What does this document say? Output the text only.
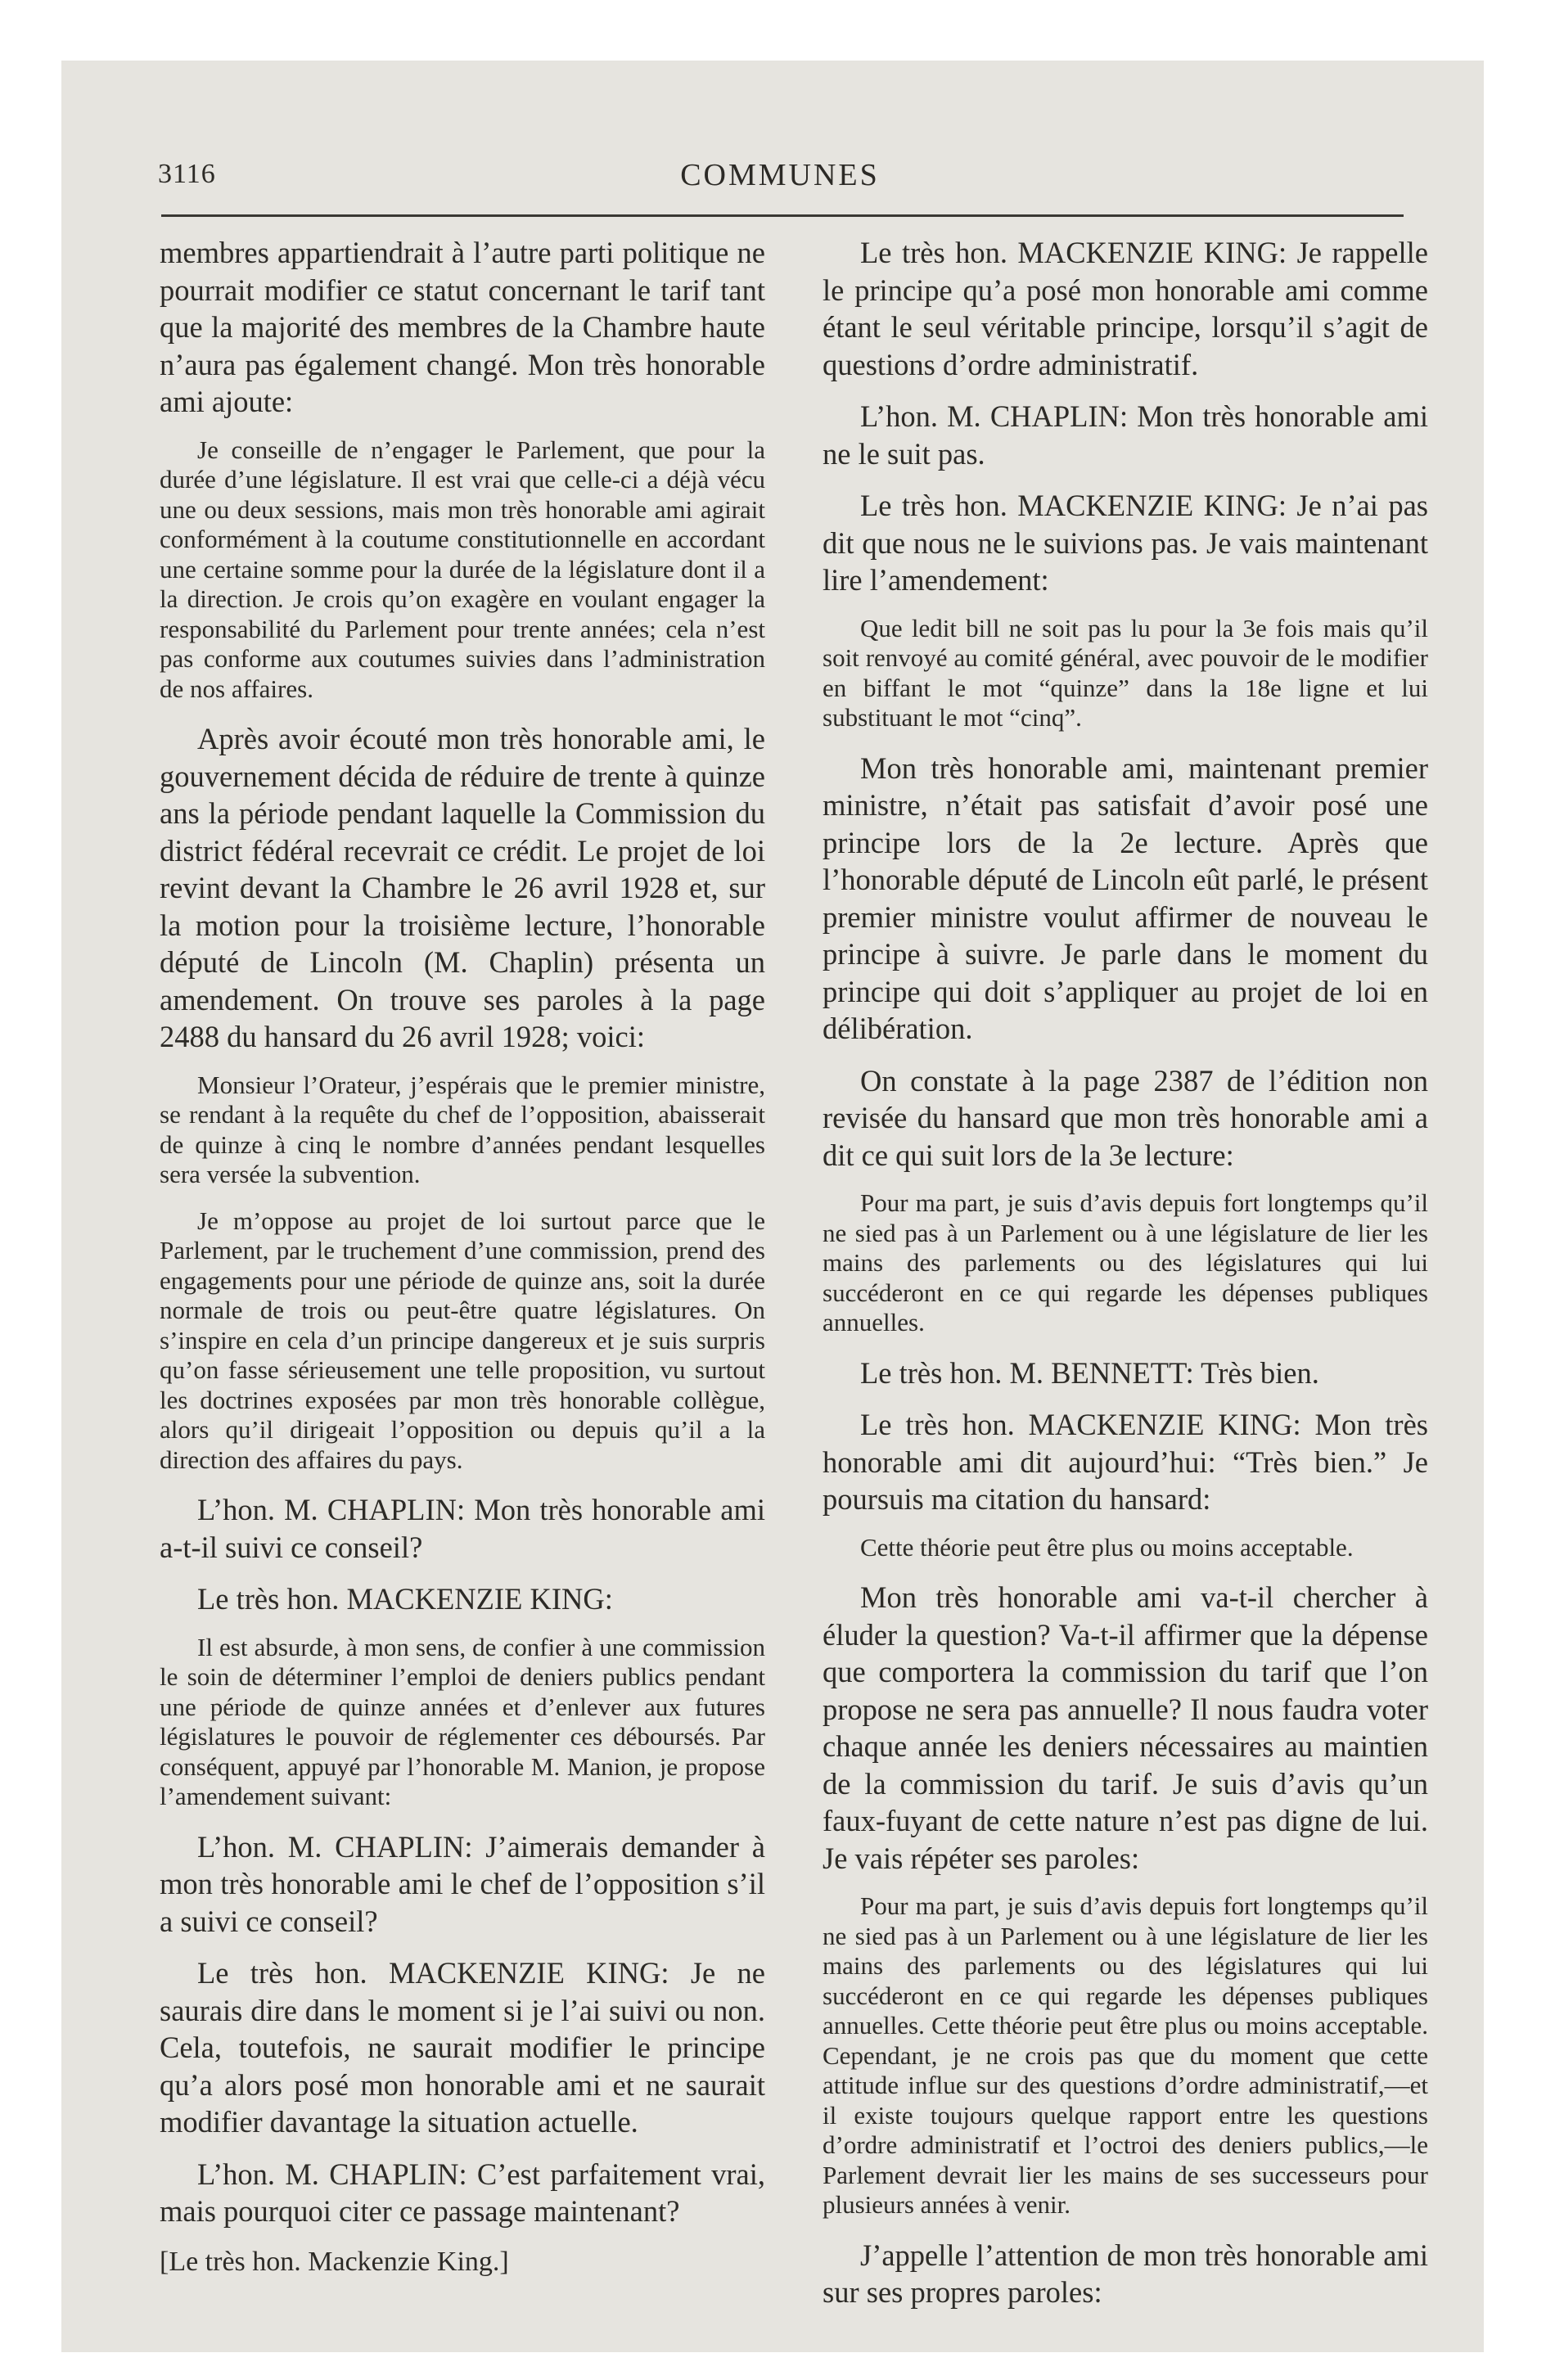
3116	COMMUNES

membres appartiendrait à l’autre parti politique ne pourrait modifier ce statut concernant le tarif tant que la majorité des membres de la Chambre haute n’aura pas également changé. Mon très honorable ami ajoute:

Je conseille de n’engager le Parlement, que pour la durée d’une législature. Il est vrai que celle-ci a déjà vécu une ou deux sessions, mais mon très honorable ami agirait conformément à la coutume constitutionnelle en accordant une certaine somme pour la durée de la législature dont il a la direction. Je crois qu’on exagère en voulant engager la responsabilité du Parlement pour trente années; cela n’est pas conforme aux coutumes suivies dans l’administration de nos affaires.

Après avoir écouté mon très honorable ami, le gouvernement décida de réduire de trente à quinze ans la période pendant laquelle la Commission du district fédéral recevrait ce crédit. Le projet de loi revint devant la Chambre le 26 avril 1928 et, sur la motion pour la troisième lecture, l’honorable député de Lincoln (M. Chaplin) présenta un amendement. On trouve ses paroles à la page 2488 du hansard du 26 avril 1928; voici:

Monsieur l’Orateur, j’espérais que le premier ministre, se rendant à la requête du chef de l’opposition, abaisserait de quinze à cinq le nombre d’années pendant lesquelles sera versée la subvention.

Je m’oppose au projet de loi surtout parce que le Parlement, par le truchement d’une commission, prend des engagements pour une période de quinze ans, soit la durée normale de trois ou peut-être quatre législatures. On s’inspire en cela d’un principe dangereux et je suis surpris qu’on fasse sérieusement une telle proposition, vu surtout les doctrines exposées par mon très honorable collègue, alors qu’il dirigeait l’opposition ou depuis qu’il a la direction des affaires du pays.

L’hon. M. CHAPLIN: Mon très honorable ami a-t-il suivi ce conseil?

Le très hon. MACKENZIE KING:

Il est absurde, à mon sens, de confier à une commission le soin de déterminer l’emploi de deniers publics pendant une période de quinze années et d’enlever aux futures législatures le pouvoir de réglementer ces déboursés. Par conséquent, appuyé par l’honorable M. Manion, je propose l’amendement suivant:

L’hon. M. CHAPLIN: J’aimerais demander à mon très honorable ami le chef de l’opposition s’il a suivi ce conseil?

Le très hon. MACKENZIE KING: Je ne saurais dire dans le moment si je l’ai suivi ou non. Cela, toutefois, ne saurait modifier le principe qu’a alors posé mon honorable ami et ne saurait modifier davantage la situation actuelle.

L’hon. M. CHAPLIN: C’est parfaitement vrai, mais pourquoi citer ce passage maintenant?

[Le très hon. Mackenzie King.]

Le très hon. MACKENZIE KING: Je rappelle le principe qu’a posé mon honorable ami comme étant le seul véritable principe, lorsqu’il s’agit de questions d’ordre administratif.

L’hon. M. CHAPLIN: Mon très honorable ami ne le suit pas.

Le très hon. MACKENZIE KING: Je n’ai pas dit que nous ne le suivions pas. Je vais maintenant lire l’amendement:

Que ledit bill ne soit pas lu pour la 3e fois mais qu’il soit renvoyé au comité général, avec pouvoir de le modifier en biffant le mot “quinze” dans la 18e ligne et lui substituant le mot “cinq”.

Mon très honorable ami, maintenant premier ministre, n’était pas satisfait d’avoir posé une principe lors de la 2e lecture. Après que l’honorable député de Lincoln eût parlé, le présent premier ministre voulut affirmer de nouveau le principe à suivre. Je parle dans le moment du principe qui doit s’appliquer au projet de loi en délibération.

On constate à la page 2387 de l’édition non revisée du hansard que mon très honorable ami a dit ce qui suit lors de la 3e lecture:

Pour ma part, je suis d’avis depuis fort longtemps qu’il ne sied pas à un Parlement ou à une législature de lier les mains des parlements ou des législatures qui lui succéderont en ce qui regarde les dépenses publiques annuelles.

Le très hon. M. BENNETT: Très bien.

Le très hon. MACKENZIE KING: Mon très honorable ami dit aujourd’hui: “Très bien.” Je poursuis ma citation du hansard:

Cette théorie peut être plus ou moins acceptable.

Mon très honorable ami va-t-il chercher à éluder la question? Va-t-il affirmer que la dépense que comportera la commission du tarif que l’on propose ne sera pas annuelle? Il nous faudra voter chaque année les deniers nécessaires au maintien de la commission du tarif. Je suis d’avis qu’un faux-fuyant de cette nature n’est pas digne de lui. Je vais répéter ses paroles:

Pour ma part, je suis d’avis depuis fort longtemps qu’il ne sied pas à un Parlement ou à une législature de lier les mains des parlements ou des législatures qui lui succéderont en ce qui regarde les dépenses publiques annuelles. Cette théorie peut être plus ou moins acceptable. Cependant, je ne crois pas que du moment que cette attitude influe sur des questions d’ordre administratif,—et il existe toujours quelque rapport entre les questions d’ordre administratif et l’octroi des deniers publics,—le Parlement devrait lier les mains de ses successeurs pour plusieurs années à venir.

J’appelle l’attention de mon très honorable ami sur ses propres paroles:
